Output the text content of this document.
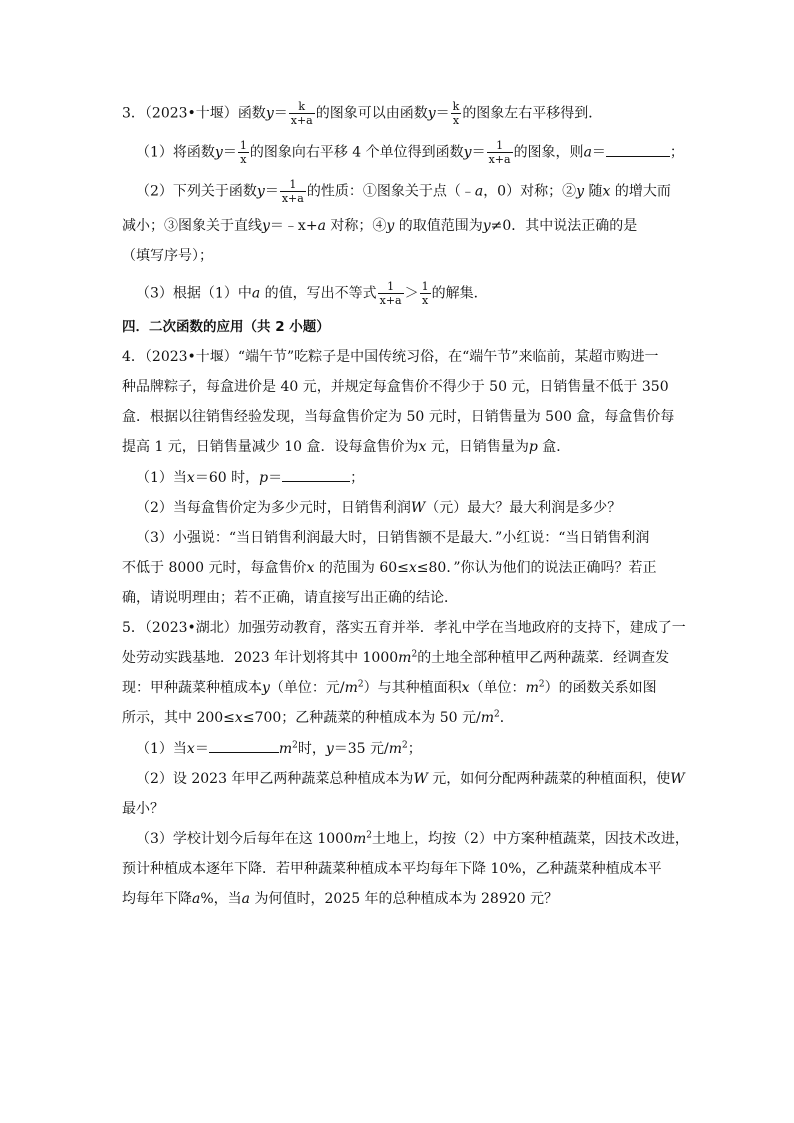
3．（2023•十堰）函数$y= \frac{k}{x+a}$ 的图象可以由函数$y= \frac{k}{x}$ 的图象左右平移得到．
（1）将函数$y= \frac{1}{x}$ 的图象向右平移 4 个单位得到函数$y= \frac{1}{x+a}$ 的图象，则a＝	；
（2）下列关于函数$y= \frac{1}{x+a}$ 的性质：①图象关于点（﹣a，0）对称；②y 随x 的增大而
减小；③图象关于直线y＝﹣x+a 对称；④y 的取值范围为y≠0．其中说法正确的是
（填写序号）；
（3）根据（1）中a 的值，写出不等式 $\frac{1}{x+a} > \frac{1}{x}$ 的解集．
四．二次函数的应用（共 2 小题）
4．（2023•十堰）“端午节”吃粽子是中国传统习俗，在“端午节”来临前，某超市购进一
种品牌粽子，每盒进价是 40 元，并规定每盒售价不得少于 50 元，日销售量不低于 350
盒．根据以往销售经验发现，当每盒售价定为 50 元时，日销售量为 500 盒，每盒售价每
提高 1 元，日销售量减少 10 盒．设每盒售价为x 元，日销售量为p 盒．
（1）当x＝60 时，p＝	；
（2）当每盒售价定为多少元时，日销售利润W（元）最大？最大利润是多少？
（3）小强说：“当日销售利润最大时，日销售额不是最大．”小红说：“当日销售利润
不低于 8000 元时，每盒售价x 的范围为 60≤x≤80．”你认为他们的说法正确吗？若正
确，请说明理由；若不正确，请直接写出正确的结论．
5．（2023•湖北）加强劳动教育，落实五育并举．孝礼中学在当地政府的支持下，建成了一
处劳动实践基地．2023 年计划将其中 $1000m^2$的土地全部种植甲乙两种蔬菜．经调查发
现：甲种蔬菜种植成本y（单位：元$/m^2$）与其种植面积x（单位：$m^2$）的函数关系如图
所示，其中 200≤x≤700；乙种蔬菜的种植成本为 50 元$/m^2$．
（1）当x＝	$m^2$时，y＝35 元$/m^2$；
（2）设 2023 年甲乙两种蔬菜总种植成本为W 元，如何分配两种蔬菜的种植面积，使W
最小？
（3）学校计划今后每年在这 $1000m^2$土地上，均按（2）中方案种植蔬菜，因技术改进，
预计种植成本逐年下降．若甲种蔬菜种植成本平均每年下降 10%，乙种蔬菜种植成本平
均每年下降a%，当a 为何值时，2025 年的总种植成本为 28920 元？
